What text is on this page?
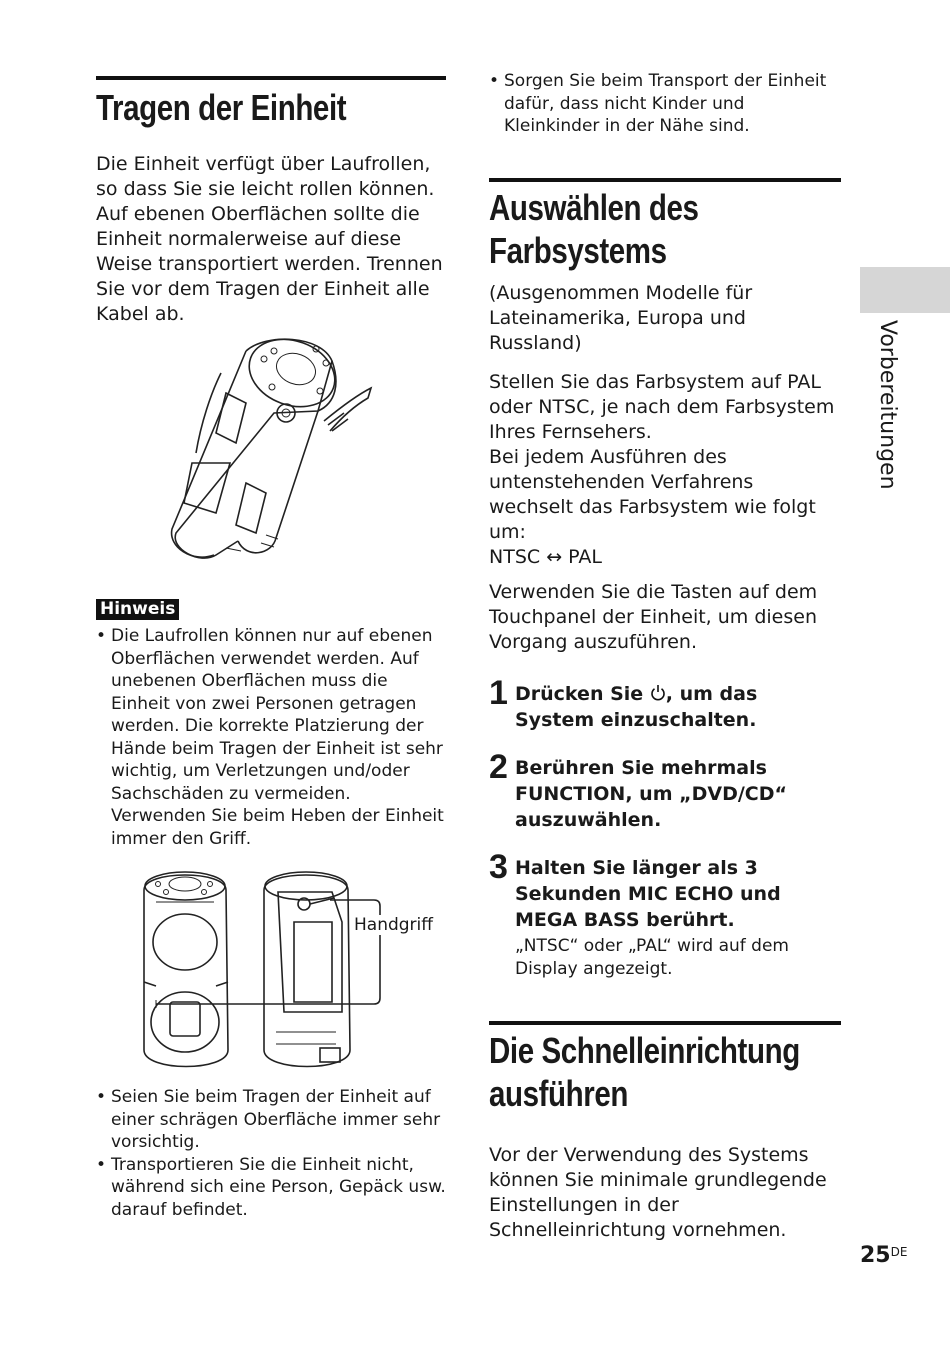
Tragen der Einheit

Die Einheit verfügt über Laufrollen, so dass Sie sie leicht rollen können. Auf ebenen Oberflächen sollte die Einheit normalerweise auf diese Weise transportiert werden. Trennen Sie vor dem Tragen der Einheit alle Kabel ab.

Hinweis
• Die Laufrollen können nur auf ebenen Oberflächen verwendet werden. Auf unebenen Oberflächen muss die Einheit von zwei Personen getragen werden. Die korrekte Platzierung der Hände beim Tragen der Einheit ist sehr wichtig, um Verletzungen und/oder Sachschäden zu vermeiden. Verwenden Sie beim Heben der Einheit immer den Griff.
Handgriff
• Seien Sie beim Tragen der Einheit auf einer schrägen Oberfläche immer sehr vorsichtig.
• Transportieren Sie die Einheit nicht, während sich eine Person, Gepäck usw. darauf befindet.
• Sorgen Sie beim Transport der Einheit dafür, dass nicht Kinder und Kleinkinder in der Nähe sind.
Auswählen des
Farbsystems

(Ausgenommen Modelle für Lateinamerika, Europa und Russland)

Stellen Sie das Farbsystem auf PAL oder NTSC, je nach dem Farbsystem Ihres Fernsehers.

Bei jedem Ausführen des untenstehenden Verfahrens wechselt das Farbsystem wie folgt um:

NTSC ↔ PAL

Verwenden Sie die Tasten auf dem Touchpanel der Einheit, um diesen Vorgang auszuführen.

1 Drücken Sie , um das System einzuschalten.
2 Berühren Sie mehrmals FUNCTION, um „DVD/CD“ auszuwählen.
3 Halten Sie länger als 3 Sekunden MIC ECHO und MEGA BASS berührt.
„NTSC“ oder „PAL“ wird auf dem Display angezeigt.
Die Schnelleinrichtung
ausführen

Vor der Verwendung des Systems können Sie minimale grundlegende Einstellungen in der Schnelleinrichtung vornehmen.

Vorbereitungen
25DE
